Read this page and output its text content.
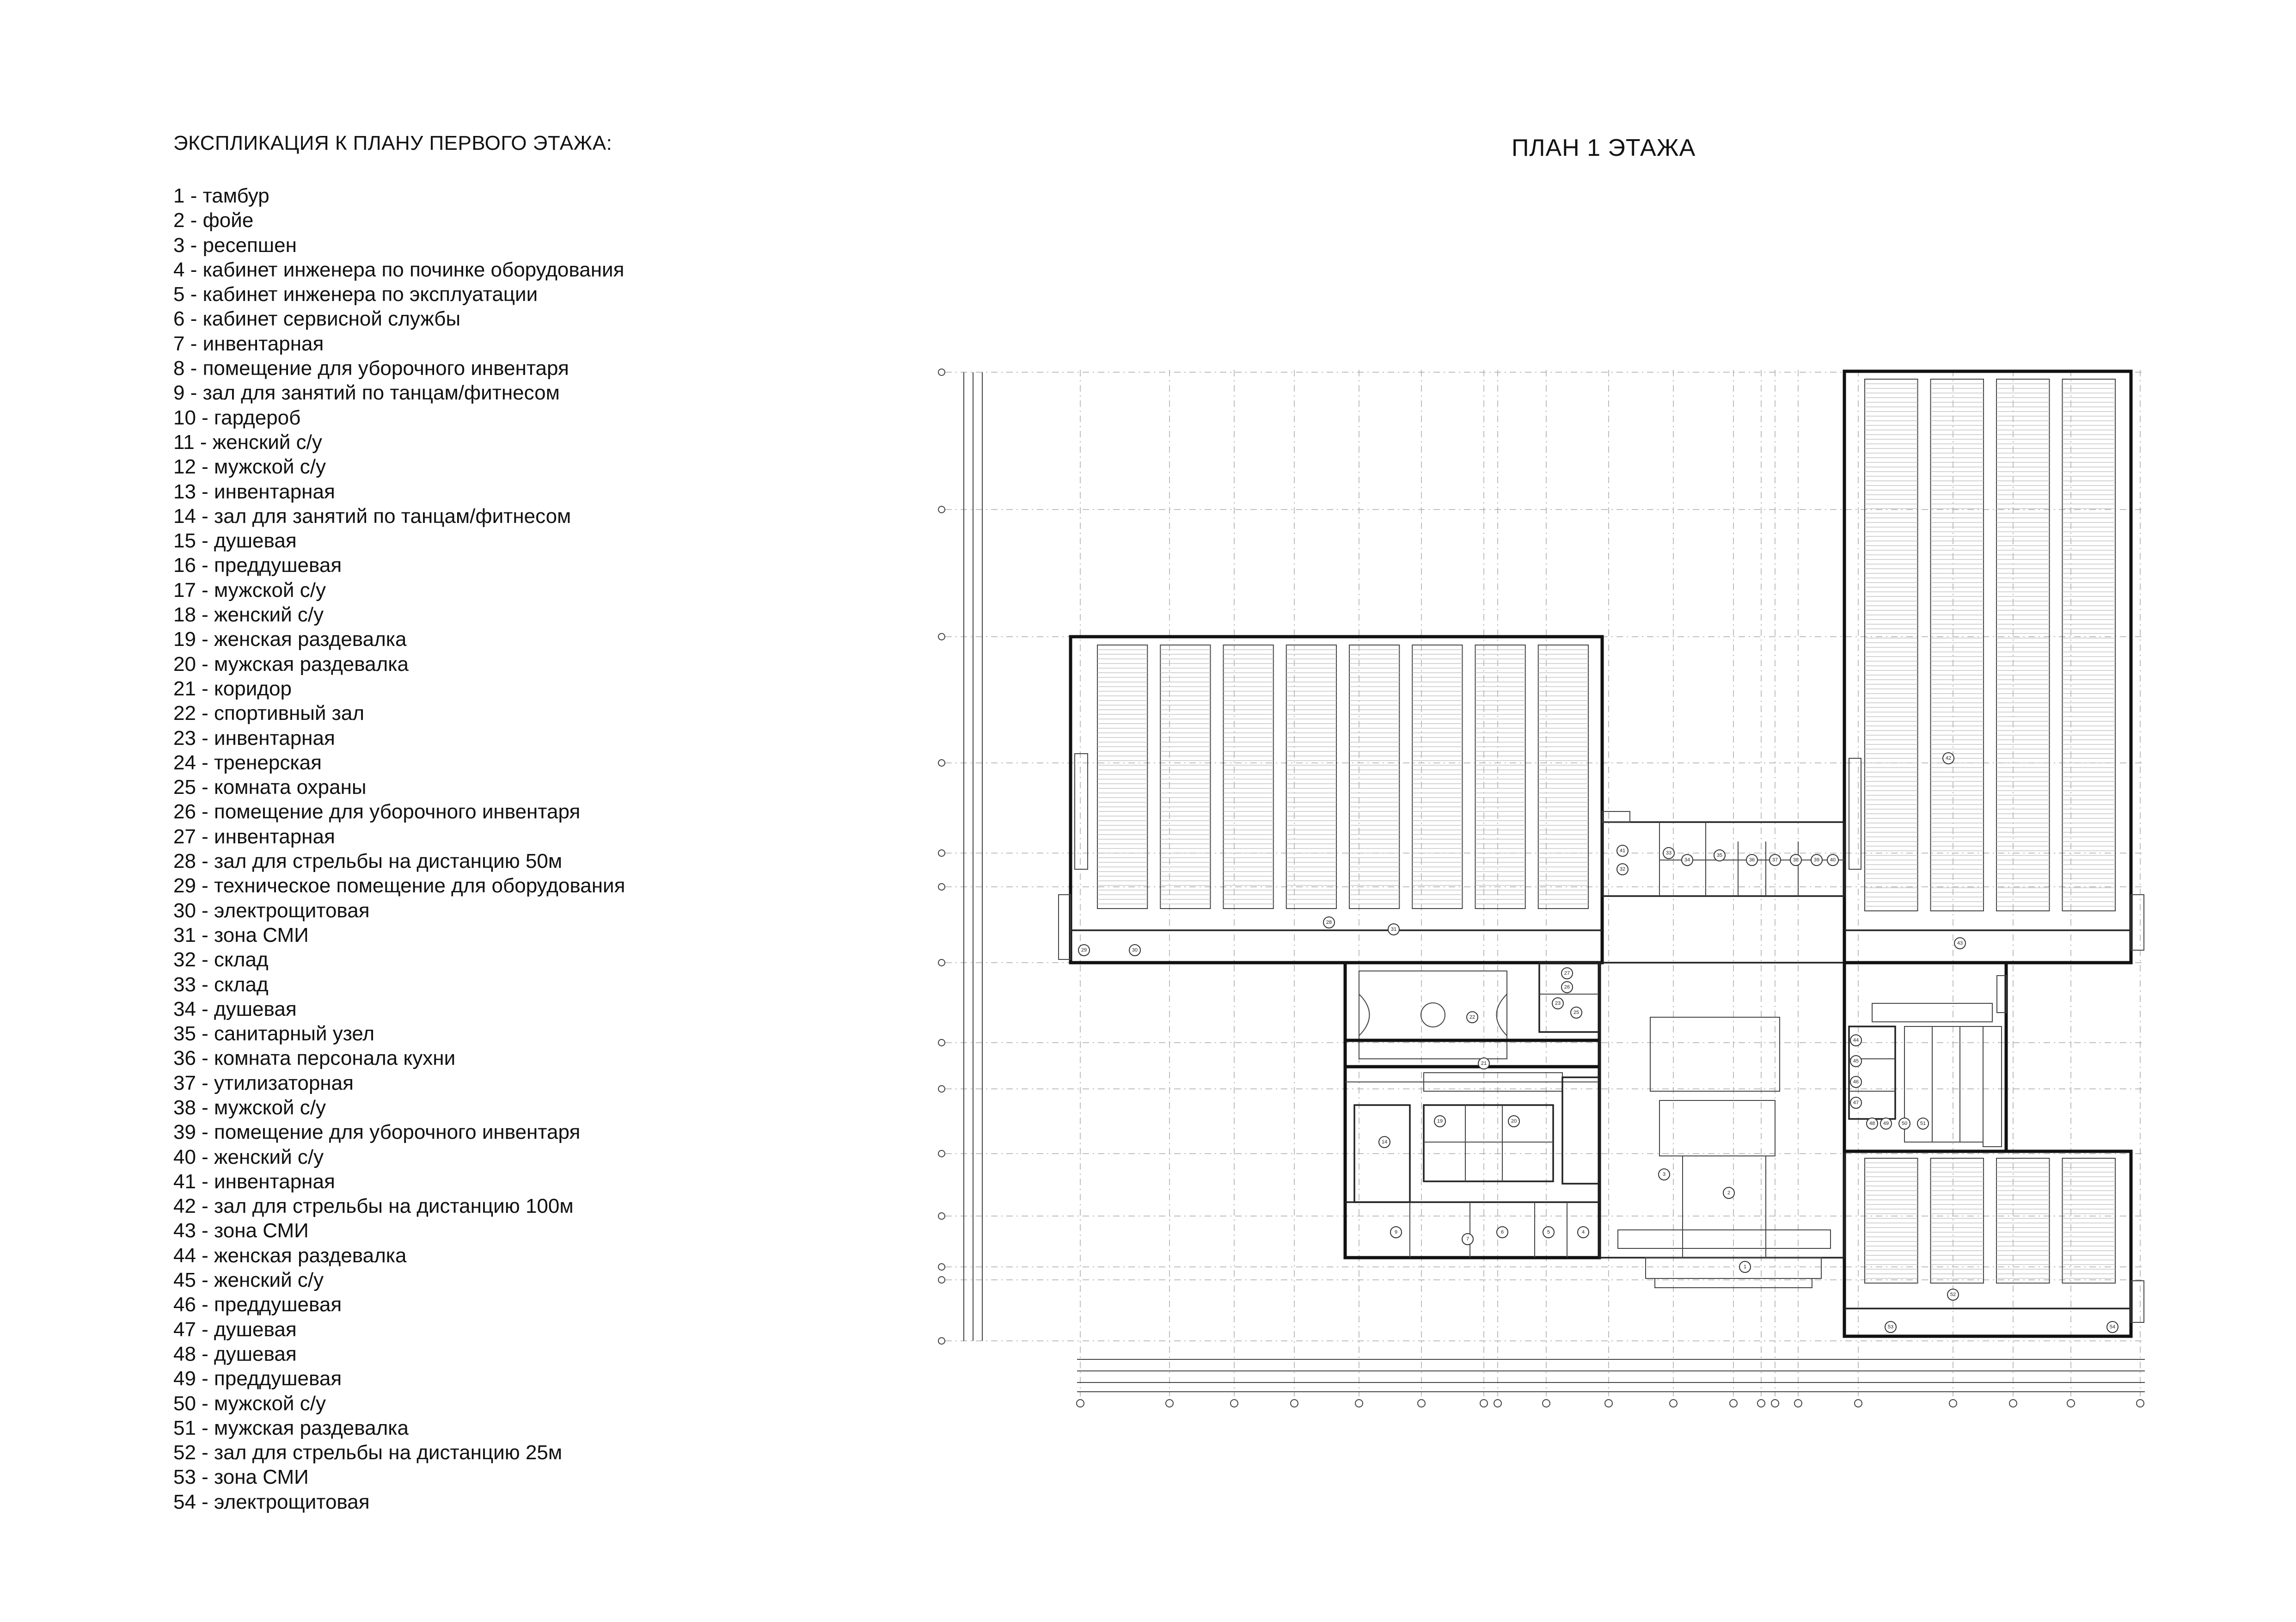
ЭКСПЛИКАЦИЯ К ПЛАНУ ПЕРВОГО ЭТАЖА:
1 - тамбур
2 - фойе
3 - ресепшен
4 - кабинет инженера по починке оборудования
5 - кабинет инженера по эксплуатации
6 - кабинет сервисной службы
7 - инвентарная
8 - помещение для уборочного инвентаря
9 - зал для занятий по танцам/фитнесом
10 - гардероб
11 - женский с/у
12 - мужской с/у
13 - инвентарная
14 - зал для занятий по танцам/фитнесом
15 - душевая
16 - преддушевая
17 - мужской с/у
18 - женский с/у
19 - женская раздевалка
20 - мужская раздевалка
21 - коридор
22 - спортивный зал
23 - инвентарная
24 - тренерская
25 - комната охраны
26 - помещение для уборочного инвентаря
27 - инвентарная
28 - зал для стрельбы на дистанцию 50м
29 - техническое помещение для оборудования
30 - электрощитовая
31 - зона СМИ
32 - склад
33 - склад
34 - душевая
35 - санитарный узел
36 - комната персонала кухни
37 - утилизаторная
38 - мужской с/у
39 - помещение для уборочного инвентаря
40 - женский с/у
41 - инвентарная
42 - зал для стрельбы на дистанцию 100м
43 - зона СМИ
44 - женская раздевалка
45 - женский с/у
46 - преддушевая
47 - душевая
48 - душевая
49 - преддушевая
50 - мужской с/у
51 - мужская раздевалка
52 - зал для стрельбы на дистанцию 25м
53 - зона СМИ
54 - электрощитовая
ПЛАН 1 ЭТАЖА
28
29	30
31
32
33
34
35
36	37	38	39 40
41
42
43
44
45
46
47
48 49	50	51
52
53	54
22
21
23
27
26
25
14
19	20
9
7
6	5	4
3
2
1
